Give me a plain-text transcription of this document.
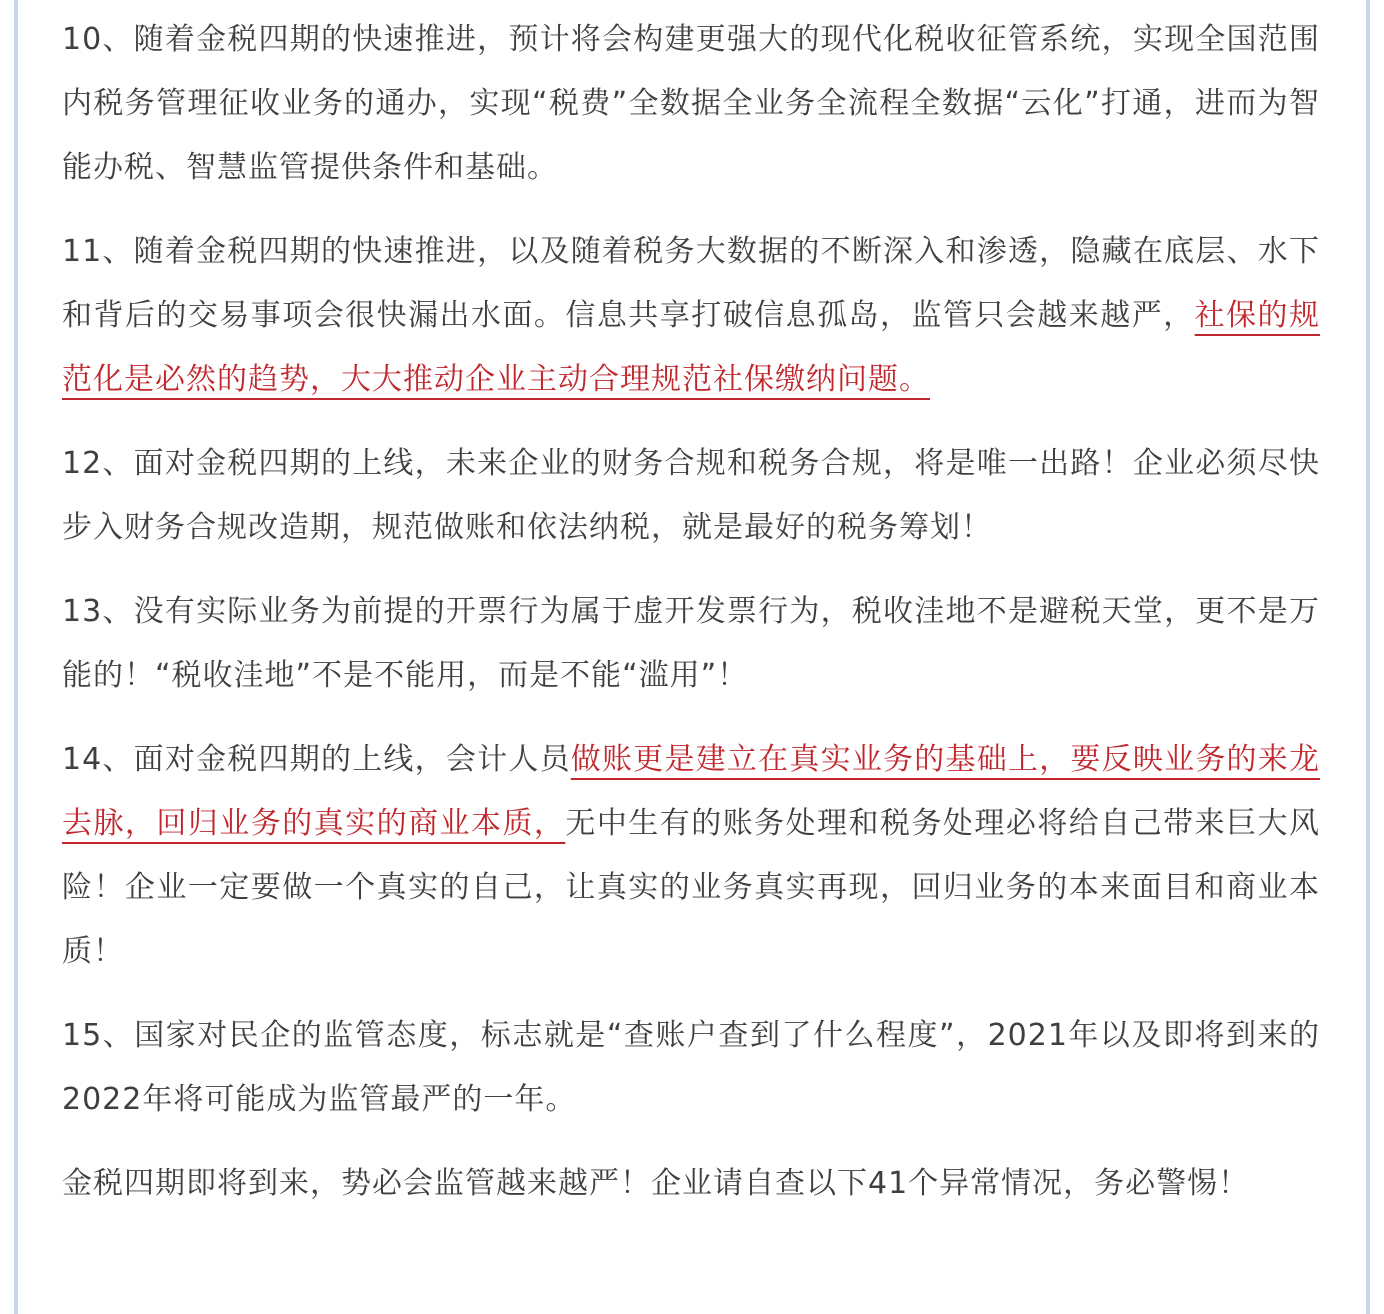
10、随着金税四期的快速推进，预计将会构建更强大的现代化税收征管系统，实现全国范围内税务管理征收业务的通办，实现“税费”全数据全业务全流程全数据“云化”打通，进而为智能办税、智慧监管提供条件和基础。

11、随着金税四期的快速推进，以及随着税务大数据的不断深入和渗透，隐藏在底层、水下和背后的交易事项会很快漏出水面。信息共享打破信息孤岛，监管只会越来越严，社保的规范化是必然的趋势，大大推动企业主动合理规范社保缴纳问题。

12、面对金税四期的上线，未来企业的财务合规和税务合规，将是唯一出路！企业必须尽快步入财务合规改造期，规范做账和依法纳税，就是最好的税务筹划！

13、没有实际业务为前提的开票行为属于虚开发票行为，税收洼地不是避税天堂，更不是万能的！“税收洼地”不是不能用，而是不能“滥用”！

14、面对金税四期的上线，会计人员做账更是建立在真实业务的基础上，要反映业务的来龙去脉，回归业务的真实的商业本质，无中生有的账务处理和税务处理必将给自己带来巨大风险！企业一定要做一个真实的自己，让真实的业务真实再现，回归业务的本来面目和商业本质！

15、国家对民企的监管态度，标志就是“查账户查到了什么程度”，2021年以及即将到来的2022年将可能成为监管最严的一年。

金税四期即将到来，势必会监管越来越严！企业请自查以下41个异常情况，务必警惕！
